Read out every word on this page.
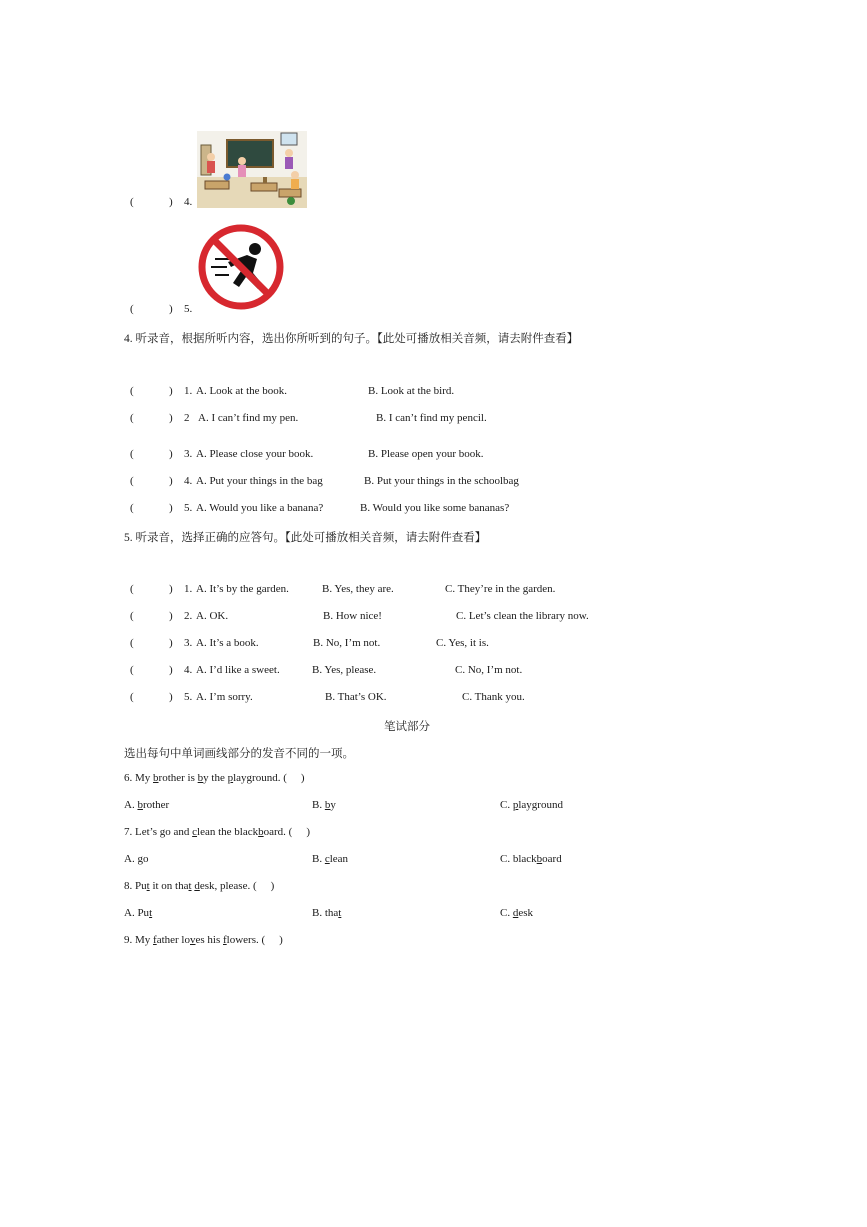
(	) 4.
(	) 5.
4. 听录音，根据所听内容，选出你所听到的句子。【此处可播放相关音频，请去附件查看】
(	) 1. A. Look at the book.	B. Look at the bird.
(	) 2 A. I can’t find my pen.	B. I can’t find my pencil.
(	) 3. A. Please close your book.	B. Please open your book.
(	) 4. A. Put your things in the bag	B. Put your things in the schoolbag
(	) 5. A. Would you like a banana?	B. Would you like some bananas?
5. 听录音，选择正确的应答句。【此处可播放相关音频，请去附件查看】
(	) 1. A. It’s by the garden.	B. Yes, they are.	C. They’re in the garden.
(	) 2. A. OK.	B. How nice!	C. Let’s clean the library now.
(	) 3. A. It’s a book.	B. No, I’m not.	C. Yes, it is.
(	) 4. A. I’d like a sweet.	B. Yes, please.	C. No, I’m not.
(	) 5. A. I’m sorry.	B. That’s OK.	C. Thank you.
笔试部分
选出每句中单词画线部分的发音不同的一项。
6. My brother is by the playground. ( )
A. brother	B. by	C. playground
7. Let’s go and clean the blackboard. ( )
A. go	B. clean	C. blackboard
8. Put it on that desk, please. ( )
A. Put	B. that	C. desk
9. My father loves his flowers. ( )
